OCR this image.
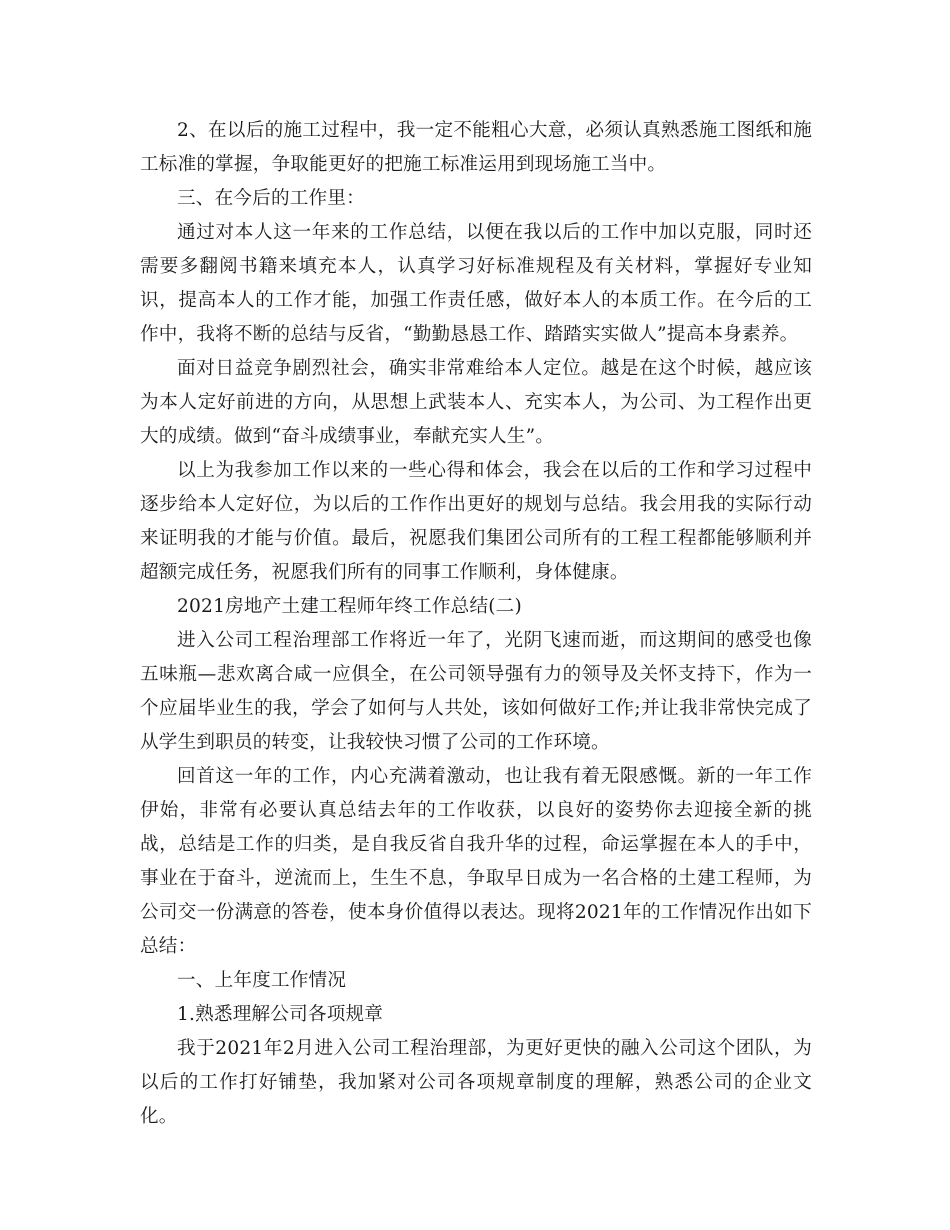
2、在以后的施工过程中，我一定不能粗心大意，必须认真熟悉施工图纸和施工标准的掌握，争取能更好的把施工标准运用到现场施工当中。

三、在今后的工作里：

通过对本人这一年来的工作总结，以便在我以后的工作中加以克服，同时还需要多翻阅书籍来填充本人，认真学习好标准规程及有关材料，掌握好专业知识，提高本人的工作才能，加强工作责任感，做好本人的本质工作。在今后的工作中，我将不断的总结与反省，“勤勤恳恳工作、踏踏实实做人”提高本身素养。

面对日益竞争剧烈社会，确实非常难给本人定位。越是在这个时候，越应该为本人定好前进的方向，从思想上武装本人、充实本人，为公司、为工程作出更大的成绩。做到“奋斗成绩事业，奉献充实人生”。

以上为我参加工作以来的一些心得和体会，我会在以后的工作和学习过程中逐步给本人定好位，为以后的工作作出更好的规划与总结。我会用我的实际行动来证明我的才能与价值。最后，祝愿我们集团公司所有的工程工程都能够顺利并超额完成任务，祝愿我们所有的同事工作顺利，身体健康。

2021房地产土建工程师年终工作总结(二)

进入公司工程治理部工作将近一年了，光阴飞速而逝，而这期间的感受也像五味瓶—悲欢离合咸一应俱全，在公司领导强有力的领导及关怀支持下，作为一个应届毕业生的我，学会了如何与人共处，该如何做好工作;并让我非常快完成了从学生到职员的转变，让我较快习惯了公司的工作环境。

回首这一年的工作，内心充满着激动，也让我有着无限感慨。新的一年工作伊始，非常有必要认真总结去年的工作收获，以良好的姿势你去迎接全新的挑战，总结是工作的归类，是自我反省自我升华的过程，命运掌握在本人的手中，事业在于奋斗，逆流而上，生生不息，争取早日成为一名合格的土建工程师，为公司交一份满意的答卷，使本身价值得以表达。现将2021年的工作情况作出如下总结：

一、上年度工作情况

1.熟悉理解公司各项规章

我于2021年2月进入公司工程治理部，为更好更快的融入公司这个团队，为以后的工作打好铺垫，我加紧对公司各项规章制度的理解，熟悉公司的企业文化。
